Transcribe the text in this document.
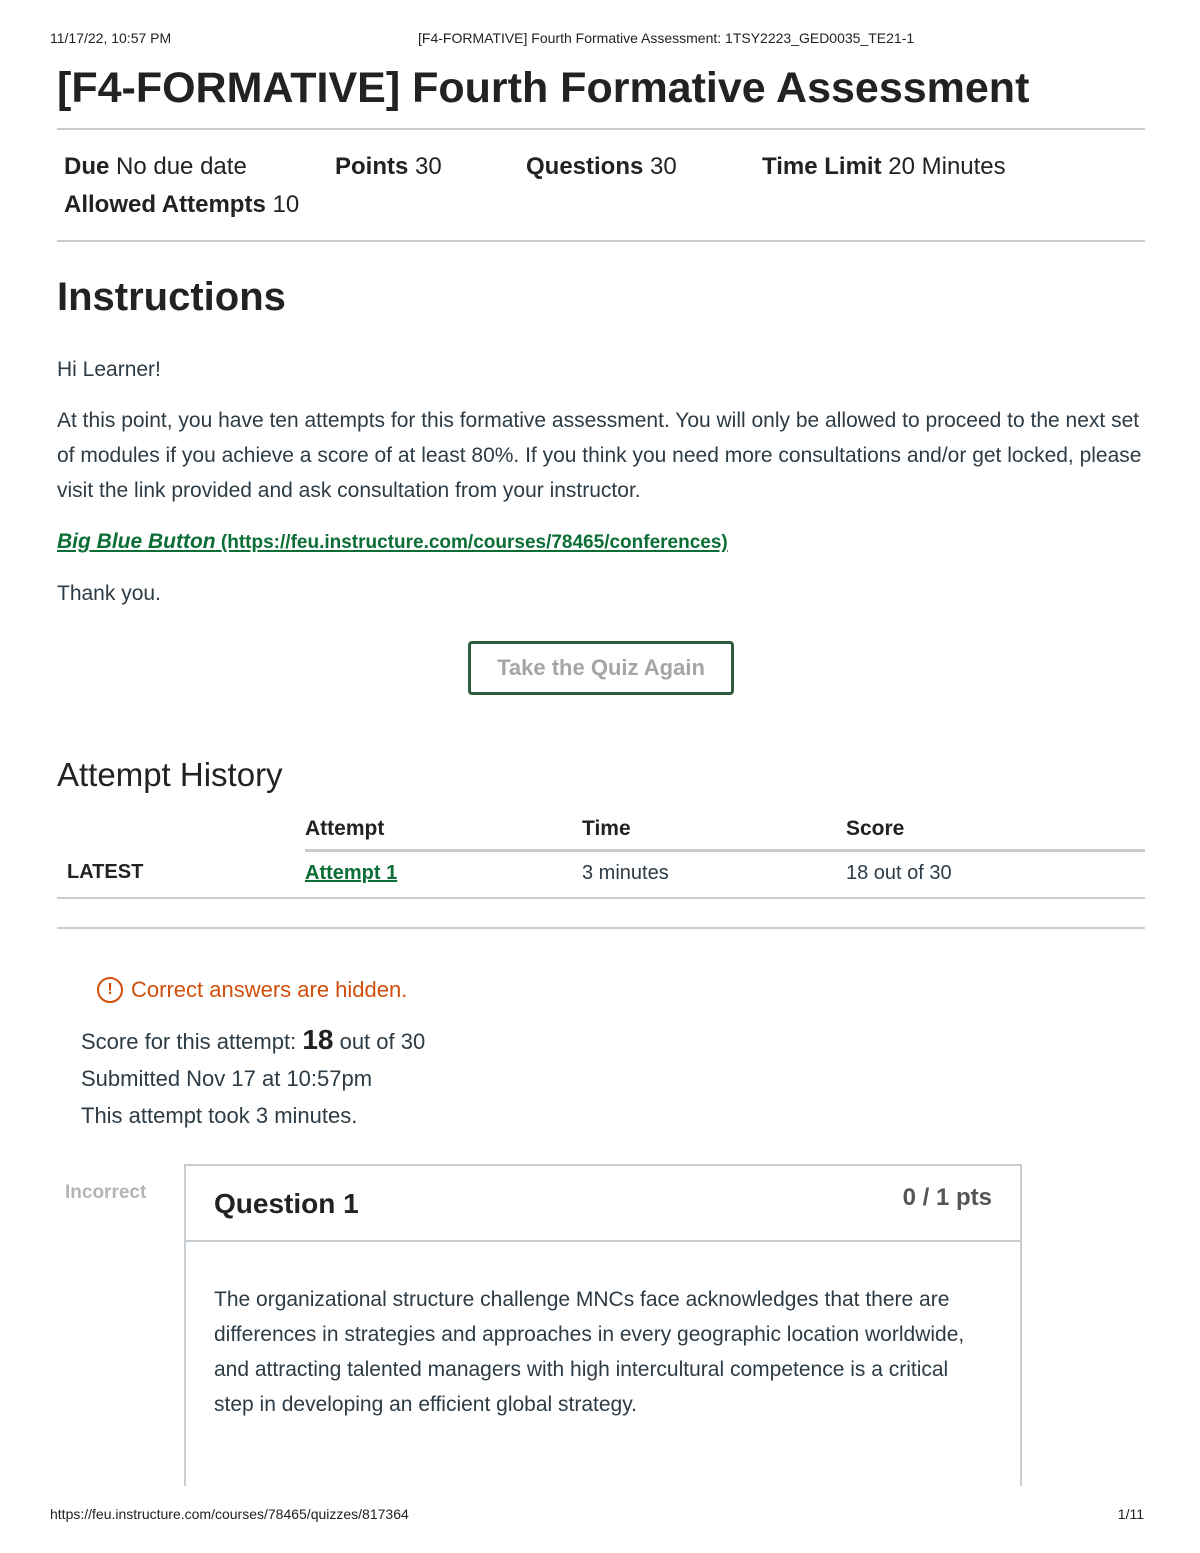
11/17/22, 10:57 PM	[F4-FORMATIVE] Fourth Formative Assessment: 1TSY2223_GED0035_TE21-1
[F4-FORMATIVE] Fourth Formative Assessment
Due No due date	Points 30	Questions 30	Time Limit 20 Minutes
Allowed Attempts 10
Instructions
Hi Learner!
At this point, you have ten attempts for this formative assessment. You will only be allowed to proceed to the next set of modules if you achieve a score of at least 80%. If you think you need more consultations and/or get locked, please visit the link provided and ask consultation from your instructor.
Big Blue Button (https://feu.instructure.com/courses/78465/conferences)
Thank you.
Take the Quiz Again
Attempt History
	Attempt	Time	Score
LATEST	Attempt 1	3 minutes	18 out of 30
! Correct answers are hidden.
Score for this attempt: 18 out of 30
Submitted Nov 17 at 10:57pm
This attempt took 3 minutes.
Incorrect Question 1	0 / 1 pts
The organizational structure challenge MNCs face acknowledges that there are differences in strategies and approaches in every geographic location worldwide, and attracting talented managers with high intercultural competence is a critical step in developing an efficient global strategy.
https://feu.instructure.com/courses/78465/quizzes/817364	1/11
